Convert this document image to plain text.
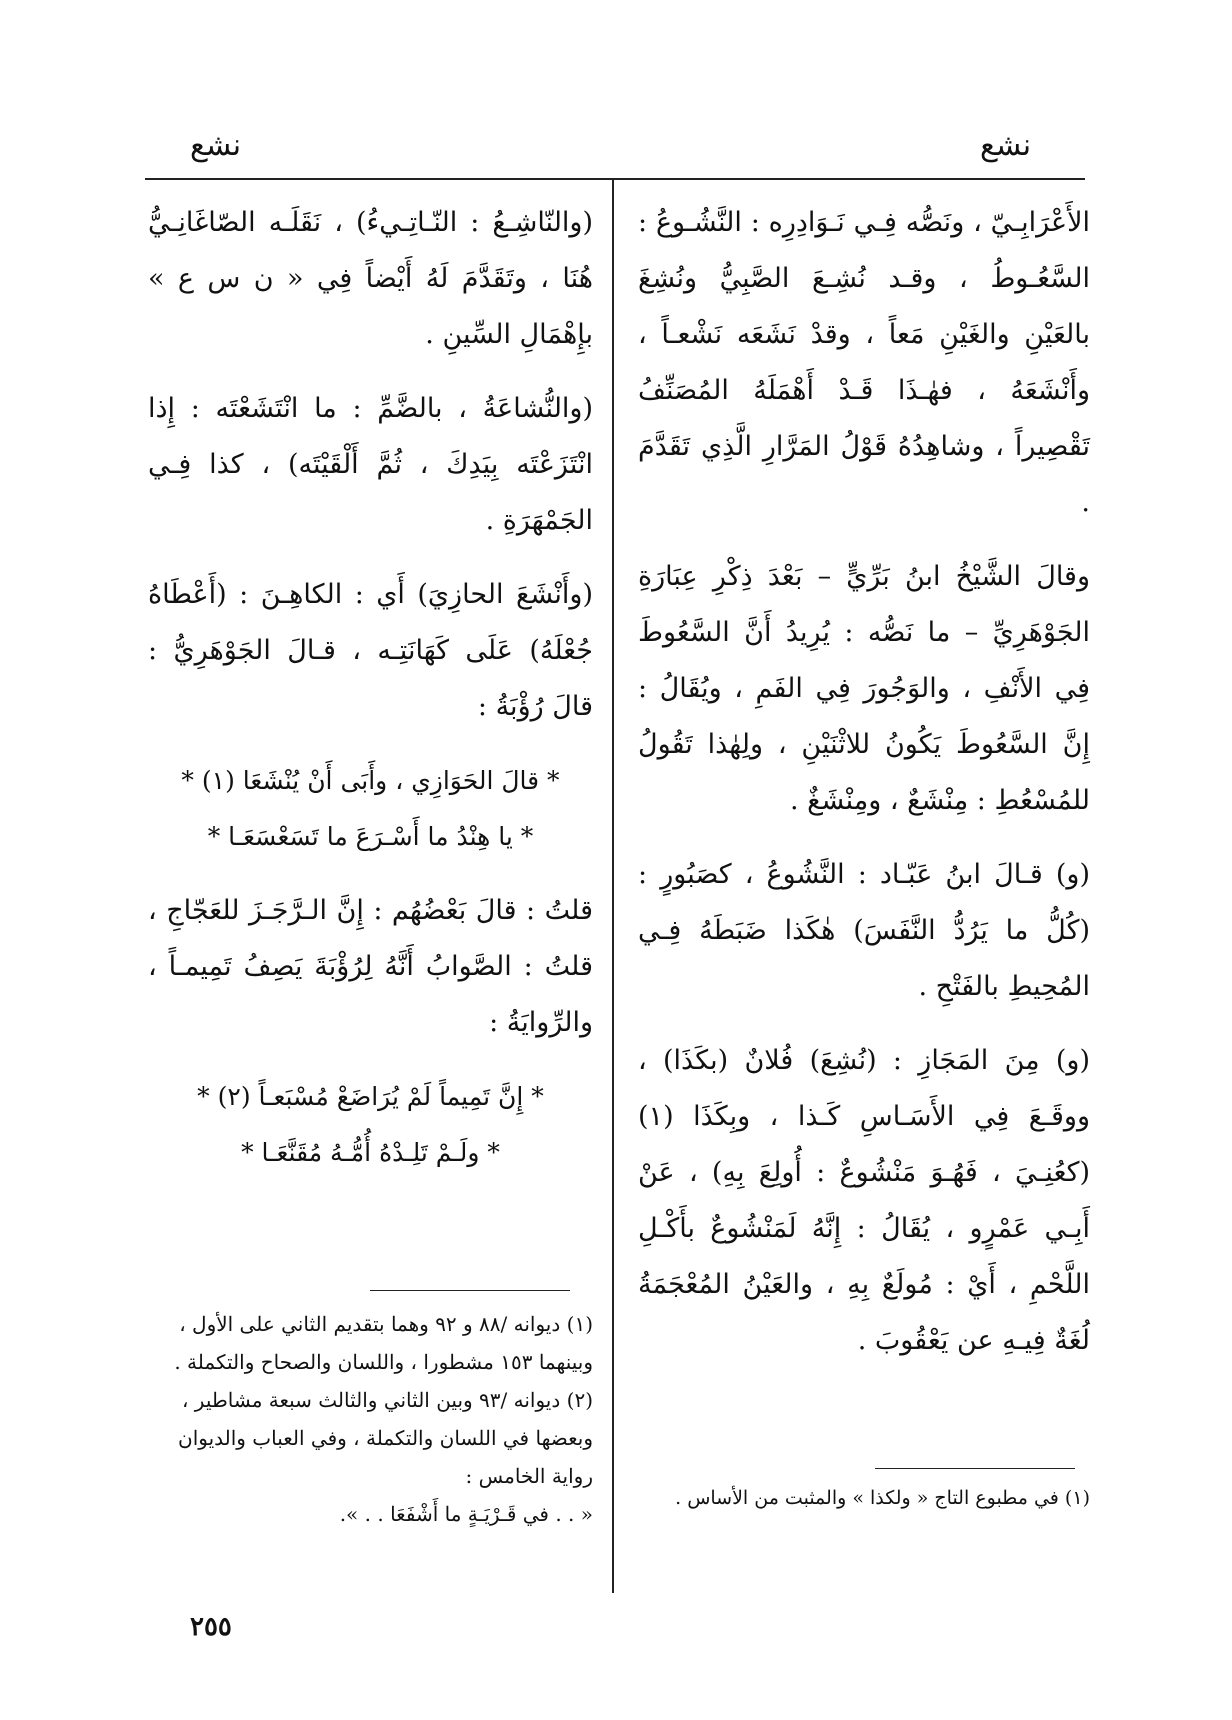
نشع
نشع

الأَعْرَابِـيّ ، ونَصُّه فِـي نَـوَادِرِه : النَّشُـوعُ : السَّعُـوطُ ، وقـد نُشِـعَ الصَّبِيُّ ونُشِغَ بالعَيْنِ والغَيْنِ مَعاً ، وقدْ نَشَعَه نَشْعـاً ، وأَنْشَعَهُ ، فهٰـذَا قَـدْ أَهْمَلَهُ المُصَنِّفُ تَقْصِيراً ، وشاهِدُهُ قَوْلُ المَرَّارِ الَّذِي تَقَدَّمَ .

وقالَ الشَّيْخُ ابنُ بَرِّيٍّ – بَعْدَ ذِكْرِ عِبَارَةِ الجَوْهَرِيِّ – ما نَصُّه : يُرِيدُ أَنَّ السَّعُوطَ فِي الأَنْفِ ، والوَجُورَ فِي الفَمِ ، ويُقَالُ : إِنَّ السَّعُوطَ يَكُونُ للاثْنَيْنِ ، ولِهٰذا تَقُولُ للمُسْعُطِ : مِنْشَعٌ ، ومِنْشَغٌ .

(و) قـالَ ابنُ عَبّـاد : النَّشُوعُ ، كصَبُورٍ : (كُلُّ ما يَرُدُّ النَّفَسَ) هٰكَذا ضَبَطَهُ فِـي المُحِيطِ بالفَتْحِ .

(و) مِنَ المَجَازِ : (نُشِعَ) فُلانٌ (بكَذَا) ، ووقَـعَ فِي الأَسَـاسِ كَـذا ، وبِكَذَا (١) (كعُنِـيَ ، فَهُـوَ مَنْشُوعٌ : أُولِعَ بِهِ) ، عَنْ أَبِـي عَمْرٍو ، يُقَالُ : إِنَّهُ لَمَنْشُوعٌ بأَكْـلِ اللَّحْمِ ، أَيْ : مُولَعٌ بِهِ ، والعَيْنُ المُعْجَمَةُ لُغَةٌ فِيـهِ عن يَعْقُوبَ .

(والنّاشِـعُ : النّـاتِـيءُ) ، نَقَلَـه الصّاغَانِـيُّ هُنَا ، وتَقَدَّمَ لَهُ أَيْضاً فِي « ن س ع » بإِهْمَالِ السِّينِ .

(والنُّشاعَةُ ، بالضَّمِّ : ما انْتَشَعْتَه : إِذا انْتَزَعْتَه بِيَدِكَ ، ثُمَّ أَلْقَيْتَه) ، كذا فِـي الجَمْهَرَةِ .

(وأَنْشَعَ الحازِيَ) أَي : الكاهِـنَ : (أَعْطَاهُ جُعْلَهُ) عَلَى كَهَانَتِـه ، قـالَ الجَوْهَرِيُّ : قالَ رُؤْبَةُ :

* قالَ الحَوَازِي ، وأَبَى أَنْ يُنْشَعَا (١) *

* يا هِنْدُ ما أَسْـرَعَ ما تَسَعْسَعَـا *

قلتُ : قالَ بَعْضُهُم : إِنَّ الـرَّجَـزَ للعَجّاجِ ، قلتُ : الصَّوابُ أَنَّهُ لِرُؤْبَةَ يَصِفُ تَمِيمـاً ، والرِّوايَةُ :

* إِنَّ تَمِيماً لَمْ يُرَاضَعْ مُسْبَعـاً (٢) *

* ولَـمْ تَلِـدْهُ أُمُّـهُ مُقَنَّعَـا *

(١) ديوانه /٨٨ و ٩٢ وهما بتقديم الثاني على الأول ، وبينهما ١٥٣ مشطورا ، واللسان والصحاح والتكملة .

(٢) ديوانه /٩٣ وبين الثاني والثالث سبعة مشاطير ، وبعضها في اللسان والتكملة ، وفي العباب والديوان رواية الخامس :

« . . في قَـرْيَـةٍ ما أَشْفَعَا . . ».

(١) في مطبوع التاج « ولكذا » والمثبت من الأساس .

٢٥٥
